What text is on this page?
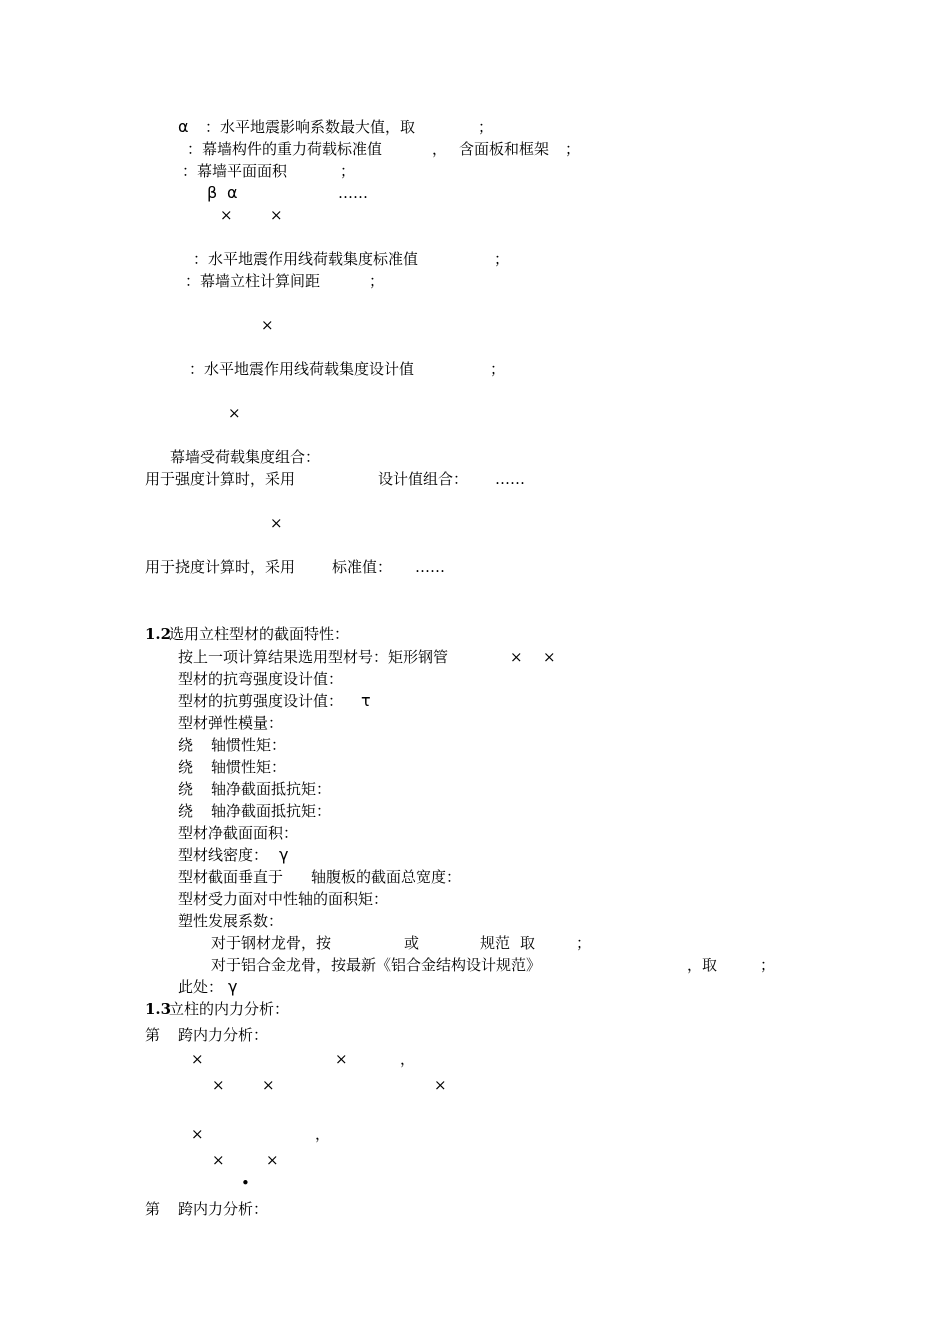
α ：水平地震影响系数最大值，取	；
：幕墙构件的重力荷载标准值	， 含面板和框架 ；
：幕墙平面面积	；
β α	……
× ×
：水平地震作用线荷载集度标准值	；
：幕墙立柱计算间距	；
×
：水平地震作用线荷载集度设计值	；
×
幕墙受荷载集度组合：
用于强度计算时，采用	设计值组合： ……
×
用于挠度计算时，采用 标准值： ……
1.2
选用立柱型材的截面特性：
按上一项计算结果选用型材号：矩形钢管	× ×
型材的抗弯强度设计值：
型材的抗剪强度设计值： τ
型材弹性模量：
绕 轴惯性矩：
绕 轴惯性矩：
绕 轴净截面抵抗矩：
绕 轴净截面抵抗矩：
型材净截面面积：
型材线密度： γ
型材截面垂直于 轴腹板的截面总宽度：
型材受力面对中性轴的面积矩：
塑性发展系数：
对于钢材龙骨，按	或	规范 取	；
对于铝合金龙骨，按最新《铝合金结构设计规范》	，取	；
此处： γ
1.3
立柱的内力分析：
第 跨内力分析：
×	×	，
× ×	×
×	，
×	×
•
第 跨内力分析：
